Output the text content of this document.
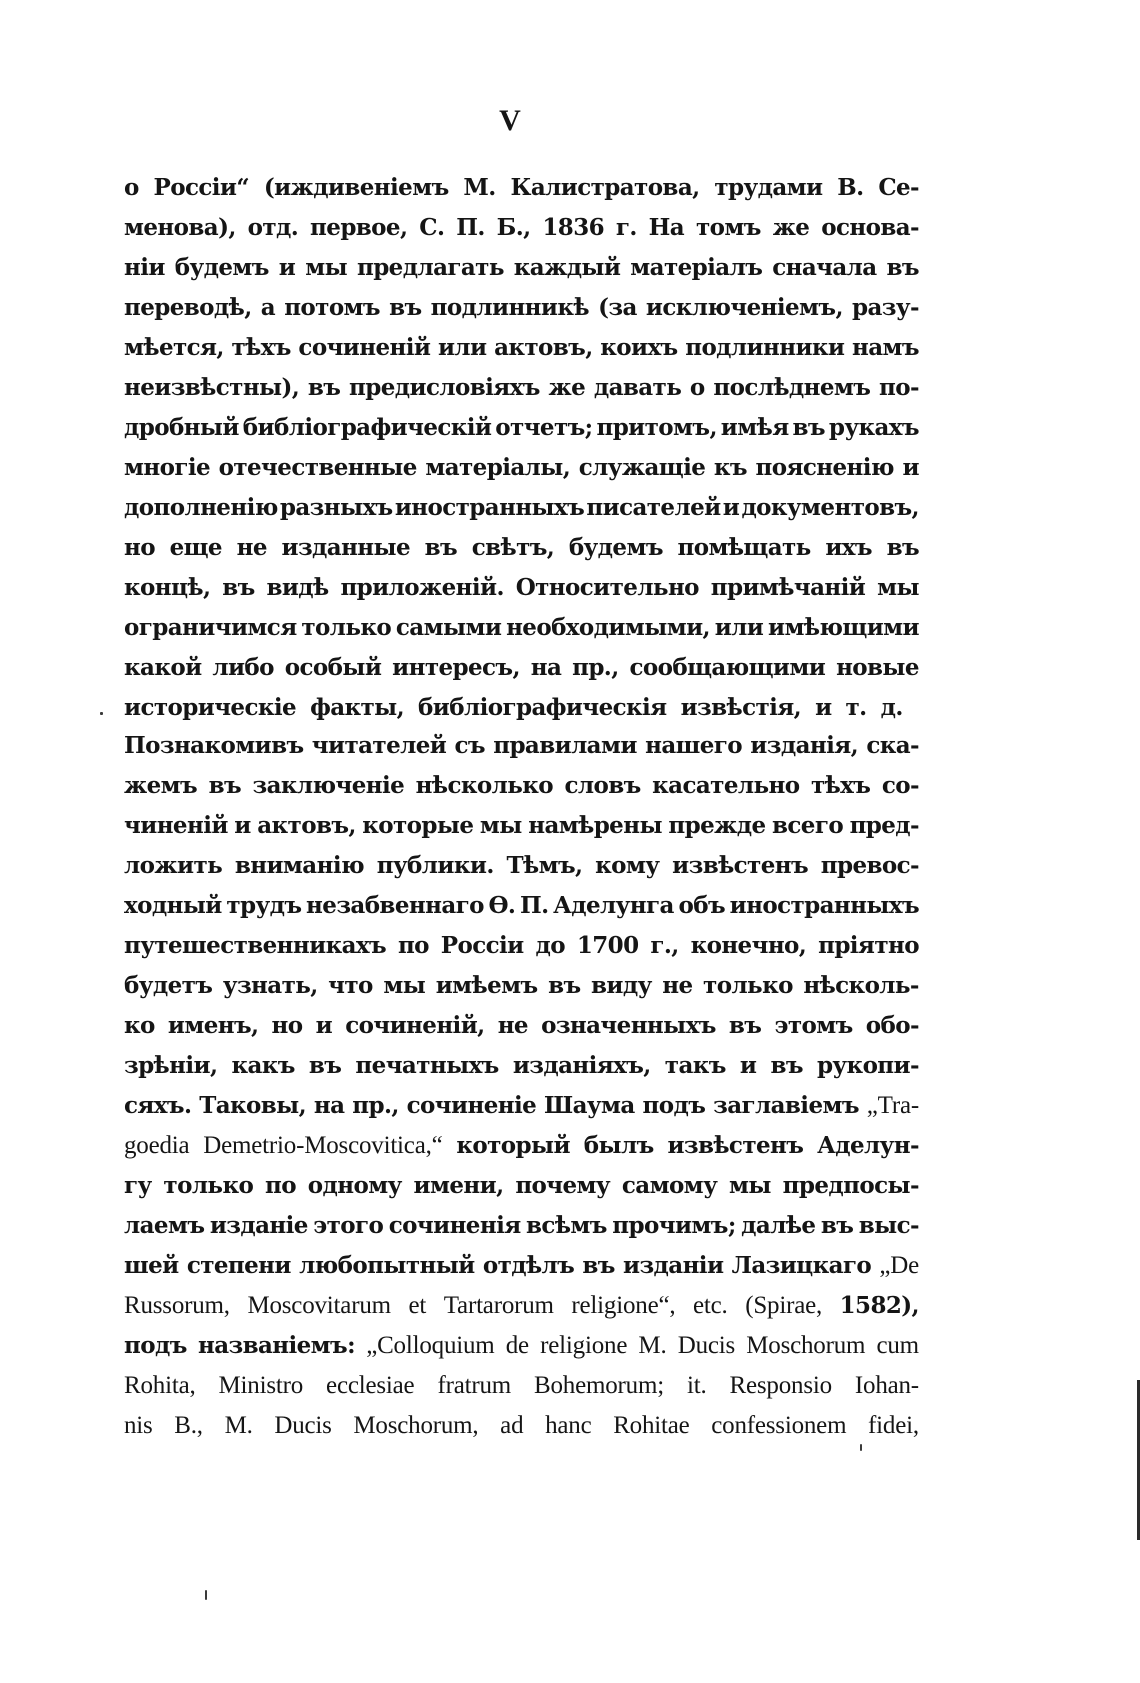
V
о Россіи“ (иждивеніемъ М. Калистратова, трудами В. Се-
менова), отд. первое, С. П. Б., 1836 г. На томъ же основа-
ніи будемъ и мы предлагать каждый матеріалъ сначала въ
переводѣ, а потомъ въ подлинникѣ (за исключеніемъ, разу-
мѣется, тѣхъ сочиненій или актовъ, коихъ подлинники намъ
неизвѣстны), въ предисловіяхъ же давать о послѣднемъ по-
дробный библіографическій отчетъ; притомъ, имѣя въ рукахъ
многіе отечественные матеріалы, служащіе къ поясненію и
дополненію разныхъ иностранныхъ писателей и документовъ,
но еще не изданные въ свѣтъ, будемъ помѣщать ихъ въ
концѣ, въ видѣ приложеній. Относительно примѣчаній мы
ограничимся только самыми необходимыми, или имѣющими
какой либо особый интересъ, на пр., сообщающими новые
историческіе факты, библіографическія извѣстія, и т. д.
Познакомивъ читателей съ правилами нашего изданія, ска-
жемъ въ заключеніе нѣсколько словъ касательно тѣхъ со-
чиненій и актовъ, которые мы намѣрены прежде всего пред-
ложить вниманію публики. Тѣмъ, кому извѣстенъ превос-
ходный трудъ незабвеннаго Ѳ. П. Аделунга объ иностранныхъ
путешественникахъ по Россіи до 1700 г., конечно, пріятно
будетъ узнать, что мы имѣемъ въ виду не только нѣсколь-
ко именъ, но и сочиненій, не означенныхъ въ этомъ обо-
зрѣніи, какъ въ печатныхъ изданіяхъ, такъ и въ рукопи-
сяхъ. Таковы, на пр., сочиненіе Шаума подъ заглавіемъ „Tra-
goedia Demetrio-Moscovitica,“ который былъ извѣстенъ Аделун-
гу только по одному имени, почему самому мы предпосы-
лаемъ изданіе этого сочиненія всѣмъ прочимъ; далѣе въ выс-
шей степени любопытный отдѣлъ въ изданіи Лазицкаго „De
Russorum, Moscovitarum et Tartarorum religione“, etc. (Spirae, 1582),
подъ названіемъ: „Colloquium de religione M. Ducis Moschorum cum
Rohita, Ministro ecclesiae fratrum Bohemorum; it. Responsio Iohan-
nis B., M. Ducis Moschorum, ad hanc Rohitae confessionem fidei,
